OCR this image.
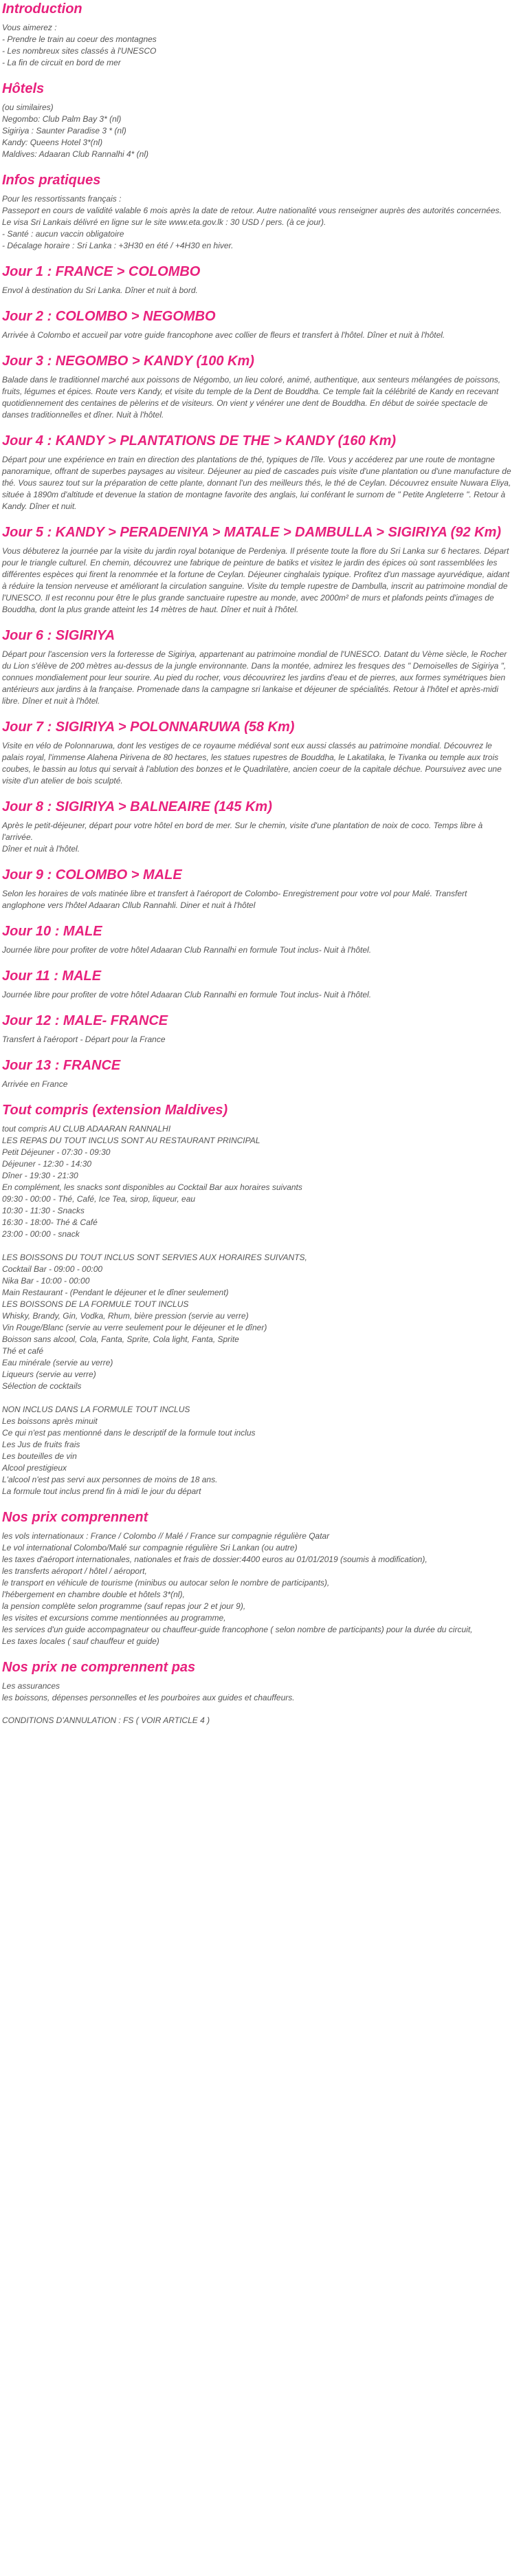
Introduction
Vous aimerez :
- Prendre le train au coeur des montagnes
- Les nombreux sites classés à l'UNESCO
- La fin de circuit en bord de mer
Hôtels
(ou similaires)
Negombo: Club Palm Bay 3* (nl)
Sigiriya : Saunter Paradise 3 * (nl)
Kandy: Queens Hotel 3*(nl)
Maldives: Adaaran Club Rannalhi 4* (nl)
Infos pratiques
Pour les ressortissants français :
Passeport en cours de validité valable 6 mois après la date de retour. Autre nationalité vous renseigner auprès des autorités concernées.
Le visa Sri Lankais délivré en ligne sur le site www.eta.gov.lk : 30 USD / pers. (à ce jour).
- Santé : aucun vaccin obligatoire
- Décalage horaire : Sri Lanka : +3H30 en été / +4H30 en hiver.
Jour 1 : FRANCE > COLOMBO
Envol à destination du Sri Lanka. Dîner et nuit à bord.
Jour 2 : COLOMBO > NEGOMBO
Arrivée à Colombo et accueil par votre guide francophone avec collier de fleurs et transfert à l'hôtel. Dîner et nuit à l'hôtel.
Jour 3 : NEGOMBO > KANDY (100 Km)
Balade dans le traditionnel marché aux poissons de Négombo, un lieu coloré, animé, authentique, aux senteurs mélangées de poissons, fruits, légumes et épices. Route vers Kandy, et visite du temple de la Dent de Bouddha. Ce temple fait la célébrité de Kandy en recevant quotidiennement des centaines de pèlerins et de visiteurs. On vient y vénérer une dent de Bouddha. En début de soirée spectacle de danses traditionnelles et dîner. Nuit à l'hôtel.
Jour 4 : KANDY > PLANTATIONS DE THE > KANDY (160 Km)
Départ pour une expérience en train en direction des plantations de thé, typiques de l'île. Vous y accéderez par une route de montagne panoramique, offrant de superbes paysages au visiteur. Déjeuner au pied de cascades puis visite d'une plantation ou d'une manufacture de thé. Vous saurez tout sur la préparation de cette plante, donnant l'un des meilleurs thés, le thé de Ceylan. Découvrez ensuite Nuwara Eliya, située à 1890m d'altitude et devenue la station de montagne favorite des anglais, lui conférant le surnom de " Petite Angleterre ". Retour à Kandy. Dîner et nuit.
Jour 5 : KANDY > PERADENIYA > MATALE > DAMBULLA > SIGIRIYA (92 Km)
Vous débuterez la journée par la visite du jardin royal botanique de Perdeniya. Il présente toute la flore du Sri Lanka sur 6 hectares. Départ pour le triangle culturel. En chemin, découvrez une fabrique de peinture de batiks et visitez le jardin des épices où sont rassemblées les différentes espèces qui firent la renommée et la fortune de Ceylan. Déjeuner cinghalais typique. Profitez d'un massage ayurvédique, aidant à réduire la tension nerveuse et améliorant la circulation sanguine. Visite du temple rupestre de Dambulla, inscrit au patrimoine mondial de l'UNESCO. Il est reconnu pour être le plus grande sanctuaire rupestre au monde, avec 2000m² de murs et plafonds peints d'images de Bouddha, dont la plus grande atteint les 14 mètres de haut. Dîner et nuit à l'hôtel.
Jour 6 : SIGIRIYA
Départ pour l'ascension vers la forteresse de Sigiriya, appartenant au patrimoine mondial de l'UNESCO. Datant du Vème siècle, le Rocher du Lion s'élève de 200 mètres au-dessus de la jungle environnante. Dans la montée, admirez les fresques des " Demoiselles de Sigiriya ", connues mondialement pour leur sourire. Au pied du rocher, vous découvrirez les jardins d'eau et de pierres, aux formes symétriques bien antérieurs aux jardins à la française. Promenade dans la campagne sri lankaise et déjeuner de spécialités. Retour à l'hôtel et après-midi libre. Dîner et nuit à l'hôtel.
Jour 7 : SIGIRIYA > POLONNARUWA (58 Km)
Visite en vélo de Polonnaruwa, dont les vestiges de ce royaume médiéval sont eux aussi classés au patrimoine mondial. Découvrez le palais royal, l'immense Alahena Pirivena de 80 hectares, les statues rupestres de Bouddha, le Lakatilaka, le Tivanka ou temple aux trois coubes, le bassin au lotus qui servait à l'ablution des bonzes et le Quadrilatère, ancien coeur de la capitale déchue. Poursuivez avec une visite d'un atelier de bois sculpté.
Jour 8 : SIGIRIYA > BALNEAIRE (145 Km)
Après le petit-déjeuner, départ pour votre hôtel en bord de mer. Sur le chemin, visite d'une plantation de noix de coco. Temps libre à l'arrivée.
Dîner et nuit à l'hôtel.
Jour 9 : COLOMBO > MALE
Selon les horaires de vols matinée libre et transfert à l'aéroport de Colombo- Enregistrement pour votre vol pour Malé. Transfert anglophone vers l'hôtel Adaaran Cllub Rannahli. Diner et nuit à l'hôtel
Jour 10 : MALE
Journée libre pour profiter de votre hôtel Adaaran Club Rannalhi en formule Tout inclus- Nuit à l'hôtel.
Jour 11 : MALE
Journée libre pour profiter de votre hôtel Adaaran Club Rannalhi en formule Tout inclus- Nuit à l'hôtel.
Jour 12 : MALE- FRANCE
Transfert à l'aéroport - Départ pour la France
Jour 13 : FRANCE
Arrivée en France
Tout compris (extension Maldives)
tout compris AU CLUB ADAARAN RANNALHI
LES REPAS DU TOUT INCLUS SONT AU RESTAURANT PRINCIPAL
Petit Déjeuner - 07:30 - 09:30
Déjeuner - 12:30 - 14:30
Dîner - 19:30 - 21:30
En complément, les snacks sont disponibles au Cocktail Bar aux horaires suivants
09:30 - 00:00 - Thé, Café, Ice Tea, sirop, liqueur, eau
10:30 - 11:30 - Snacks
16:30 - 18:00- Thé & Café
23:00 - 00:00 - snack
LES BOISSONS DU TOUT INCLUS SONT SERVIES AUX HORAIRES SUIVANTS,
Cocktail Bar - 09:00 - 00:00
Nika Bar - 10:00 - 00:00
Main Restaurant - (Pendant le déjeuner et le dîner seulement)
LES BOISSONS DE LA FORMULE TOUT INCLUS
Whisky, Brandy, Gin, Vodka, Rhum, bière pression (servie au verre)
Vin Rouge/Blanc (servie au verre seulement pour le déjeuner et le dîner)
Boisson sans alcool, Cola, Fanta, Sprite, Cola light, Fanta, Sprite
Thé et café
Eau minérale (servie au verre)
Liqueurs (servie au verre)
Sélection de cocktails
NON INCLUS DANS LA FORMULE TOUT INCLUS
Les boissons après minuit
Ce qui n'est pas mentionné dans le descriptif de la formule tout inclus
Les Jus de fruits frais
Les bouteilles de vin
Alcool prestigieux
L'alcool n'est pas servi aux personnes de moins de 18 ans.
La formule tout inclus prend fin à midi le jour du départ
Nos prix comprennent
les vols internationaux : France / Colombo // Malé / France sur compagnie régulière Qatar
Le vol international Colombo/Malé sur compagnie régulière Sri Lankan (ou autre)
les taxes d'aéroport internationales, nationales et frais de dossier:4400 euros au 01/01/2019 (soumis à modification),
les transferts aéroport / hôtel / aéroport,
le transport en véhicule de tourisme (minibus ou autocar selon le nombre de participants),
l'hébergement en chambre double et hôtels 3*(nl),
la pension complète selon programme (sauf repas jour 2 et jour 9),
les visites et excursions comme mentionnées au programme,
les services d'un guide accompagnateur ou chauffeur-guide francophone ( selon nombre de participants) pour la durée du circuit,
Les taxes locales ( sauf chauffeur et guide)
Nos prix ne comprennent pas
Les assurances
les boissons, dépenses personnelles et les pourboires aux guides et chauffeurs.
CONDITIONS D'ANNULATION : FS ( VOIR ARTICLE 4 )
